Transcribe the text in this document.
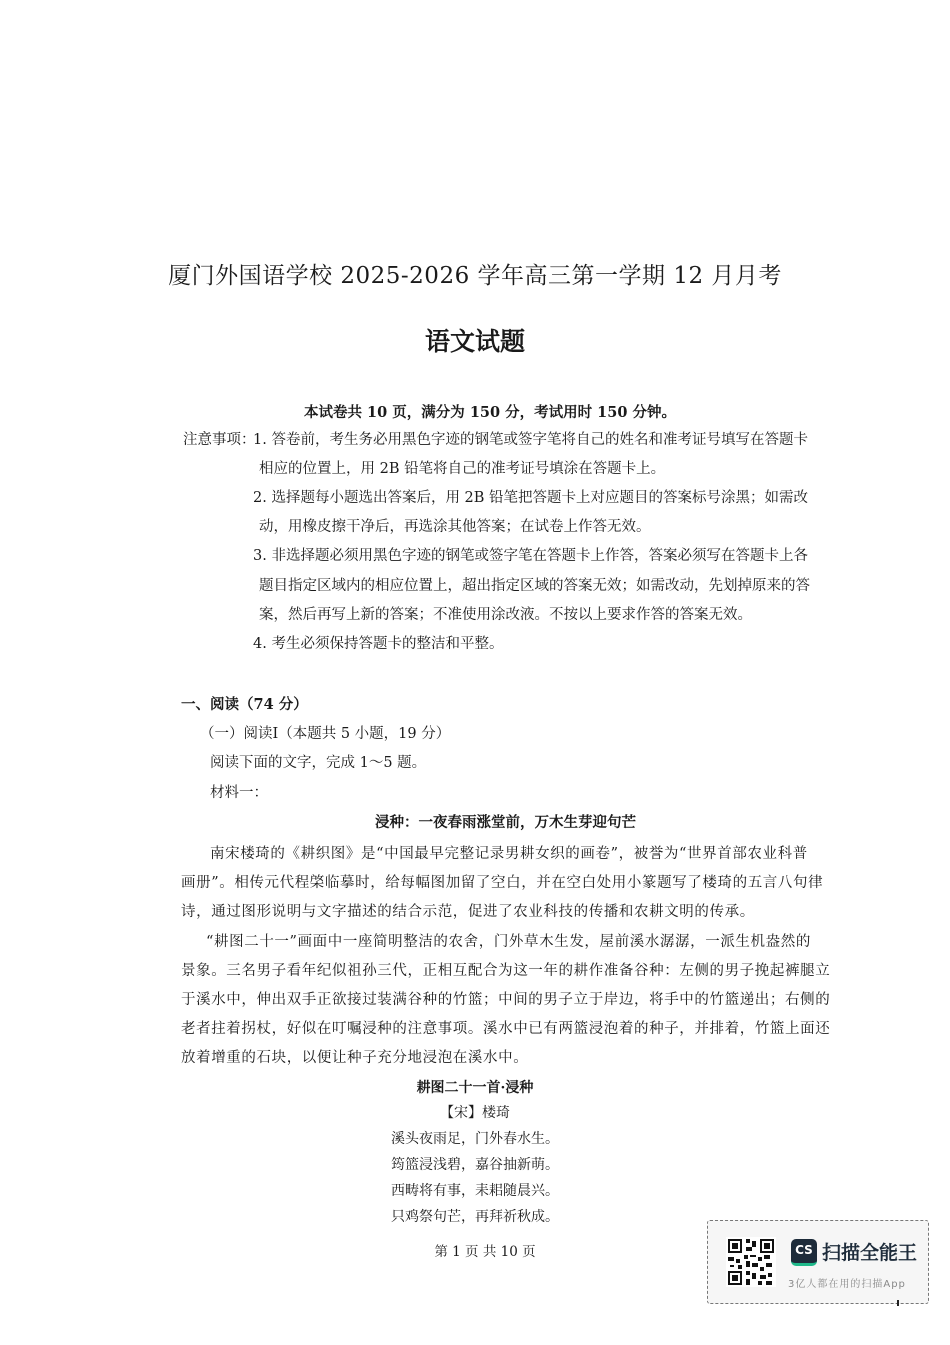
厦门外国语学校 2025-2026 学年高三第一学期 12 月月考
语文试题
本试卷共 10 页，满分为 150 分，考试用时 150 分钟。
注意事项：
1. 答卷前，考生务必用黑色字迹的钢笔或签字笔将自己的姓名和准考证号填写在答题卡
相应的位置上，用 2B 铅笔将自己的准考证号填涂在答题卡上。
2. 选择题每小题选出答案后，用 2B 铅笔把答题卡上对应题目的答案标号涂黑；如需改
动，用橡皮擦干净后，再选涂其他答案；在试卷上作答无效。
3. 非选择题必须用黑色字迹的钢笔或签字笔在答题卡上作答，答案必须写在答题卡上各
题目指定区域内的相应位置上，超出指定区域的答案无效；如需改动，先划掉原来的答
案，然后再写上新的答案；不准使用涂改液。不按以上要求作答的答案无效。
4. 考生必须保持答题卡的整洁和平整。
一、阅读（74 分）
（一）阅读I（本题共 5 小题，19 分）
阅读下面的文字，完成 1～5 题。
材料一：
浸种：一夜春雨涨堂前，万木生芽迎句芒
南宋楼琦的《耕织图》是“中国最早完整记录男耕女织的画卷”，被誉为“世界首部农业科普
画册”。相传元代程棨临摹时，给每幅图加留了空白，并在空白处用小篆题写了楼琦的五言八句律
诗，通过图形说明与文字描述的结合示范，促进了农业科技的传播和农耕文明的传承。
“耕图二十一”画面中一座简明整洁的农舍，门外草木生发，屋前溪水潺潺，一派生机盎然的
景象。三名男子看年纪似祖孙三代，正相互配合为这一年的耕作准备谷种：左侧的男子挽起裤腿立
于溪水中，伸出双手正欲接过装满谷种的竹篮；中间的男子立于岸边，将手中的竹篮递出；右侧的
老者拄着拐杖，好似在叮嘱浸种的注意事项。溪水中已有两篮浸泡着的种子，并排着，竹篮上面还
放着增重的石块，以便让种子充分地浸泡在溪水中。
耕图二十一首·浸种
【宋】楼琦
溪头夜雨足，门外春水生。
筠篮浸浅碧，嘉谷抽新萌。
西畴将有事，耒耜随晨兴。
只鸡祭句芒，再拜祈秋成。
第 1 页 共 10 页	CS 扫描全能王
3亿人都在用的扫描App
